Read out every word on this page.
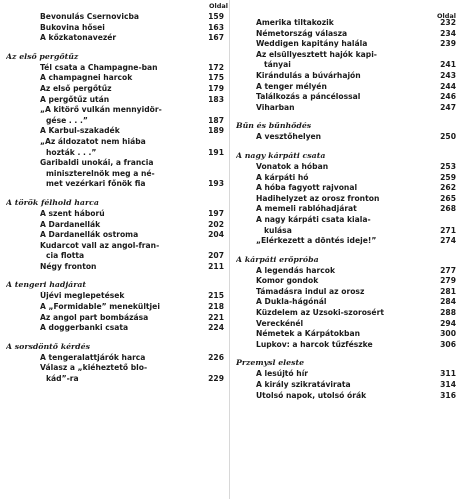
Oldal
Bevonulás Csernovicba	159
Bukovina hősei	163
A kőzkatonavezér	167
Az első pergőtűz
Tél csata a Champagne-ban	172
A champagnei harcok	175
Az első pergőtűz	179
A pergőtűz után	183
„A kitörő vulkán mennyidör-
gése . . .”	187
A Karbul-szakadék	189
„Az áldozatot nem hiába
hozták . . .”	191
Garibaldi unokái, a francia
miniszterelnök meg a né-
met vezérkari főnök fia	193
A török félhold harca
A szent háború	197
A Dardanellák	202
A Dardanellák ostroma	204
Kudarcot vall az angol-fran-
cia flotta	207
Négy fronton	211
A tengeri hadjárat
Újévi meglepetések	215
A „Formidable” menekültjei	218
Az angol part bombázása	221
A doggerbanki csata	224
A sorsdöntő kérdés
A tengeralattjárók harca	226
Válasz a „kiéheztető blo-
kád”-ra	229
Oldal
Amerika tiltakozik	232
Németország válasza	234
Weddigen kapitány halála	239
Az elsüllyesztett hajók kapi-
tányai	241
Kirándulás a búvárhajón	243
A tenger mélyén	244
Találkozás a páncélossal	246
Viharban	247
Bűn és bűnhődés
A vesztőhelyen	250
A nagy kárpáti csata
Vonatok a hóban	253
A kárpáti hó	259
A hóba fagyott rajvonal	262
Hadihelyzet az orosz fronton	265
A memeli rablóhadjárat	268
A nagy kárpáti csata kiala-
kulása	271
„Elérkezett a döntés ideje!”	274
A kárpáti erőpróba
A legendás harcok	277
Komor gondok	279
Támadásra indul az orosz	281
A Dukla-hágónál	284
Küzdelem az Uzsoki-szorosért	288
Vereckénél	294
Németek a Kárpátokban	300
Lupkov: a harcok tűzfészke	306
Przemysl eleste
A lesújtó hír	311
A király szikratávirata	314
Utolsó napok, utolsó órák	316
